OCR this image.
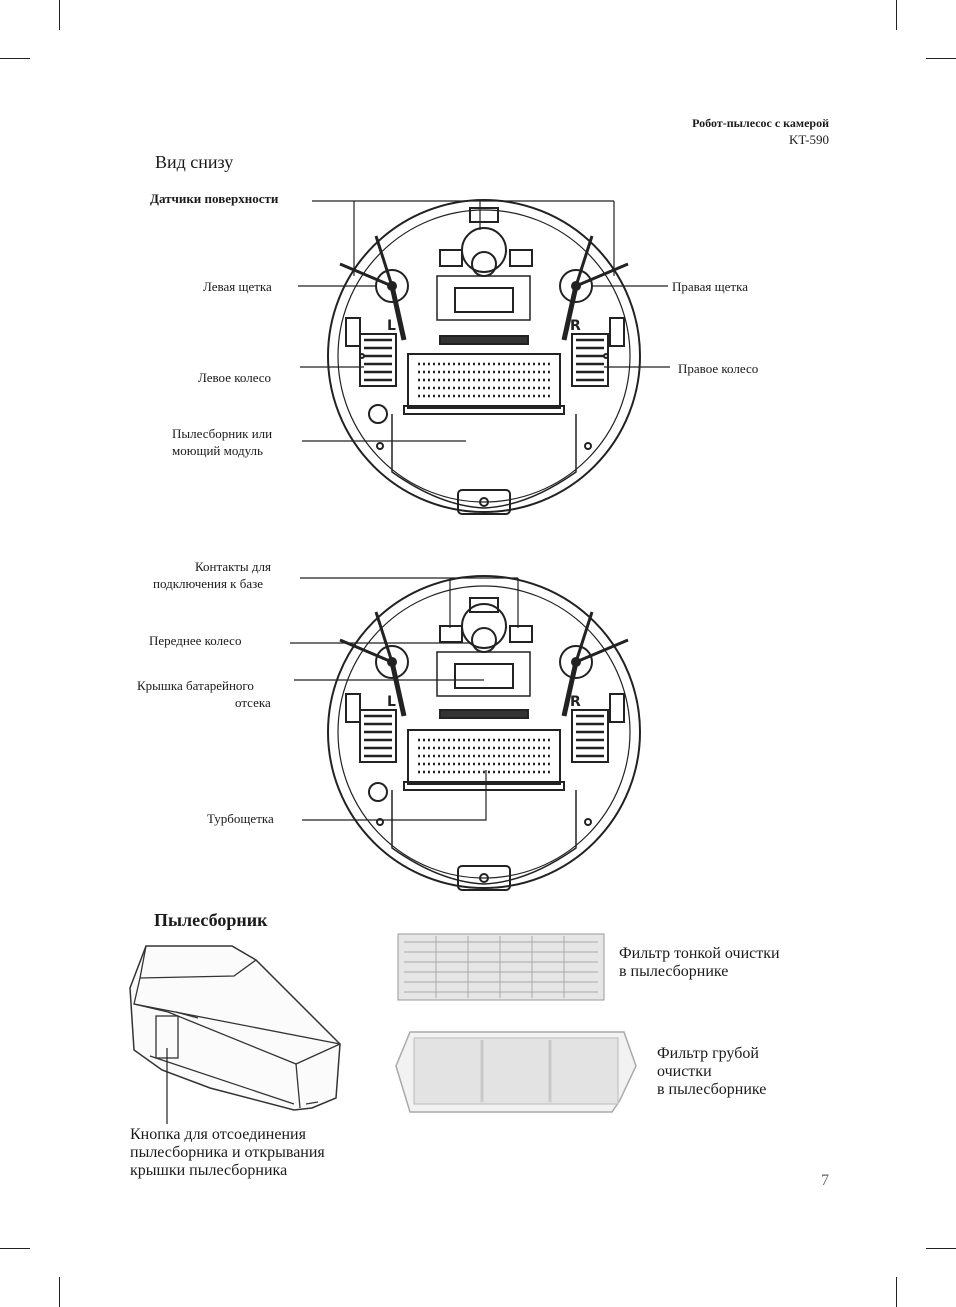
Робот-пылесос с камерой
KT-590
Вид снизу
L	R
Датчики поверхности
Левая щетка	Правая щетка
Левое колесо
Правое колесо
Пылесборник или
моющий модуль
L	R
Контакты для
подключения к базе
Переднее колесо
Крышка батарейного
отсека
Турбощетка
Пылесборник
Фильтр тонкой очистки
в пылесборнике
Фильтр грубой
очистки
в пылесборнике
Кнопка для отсоединения
пылесборника и открывания
крышки пылесборника
7
